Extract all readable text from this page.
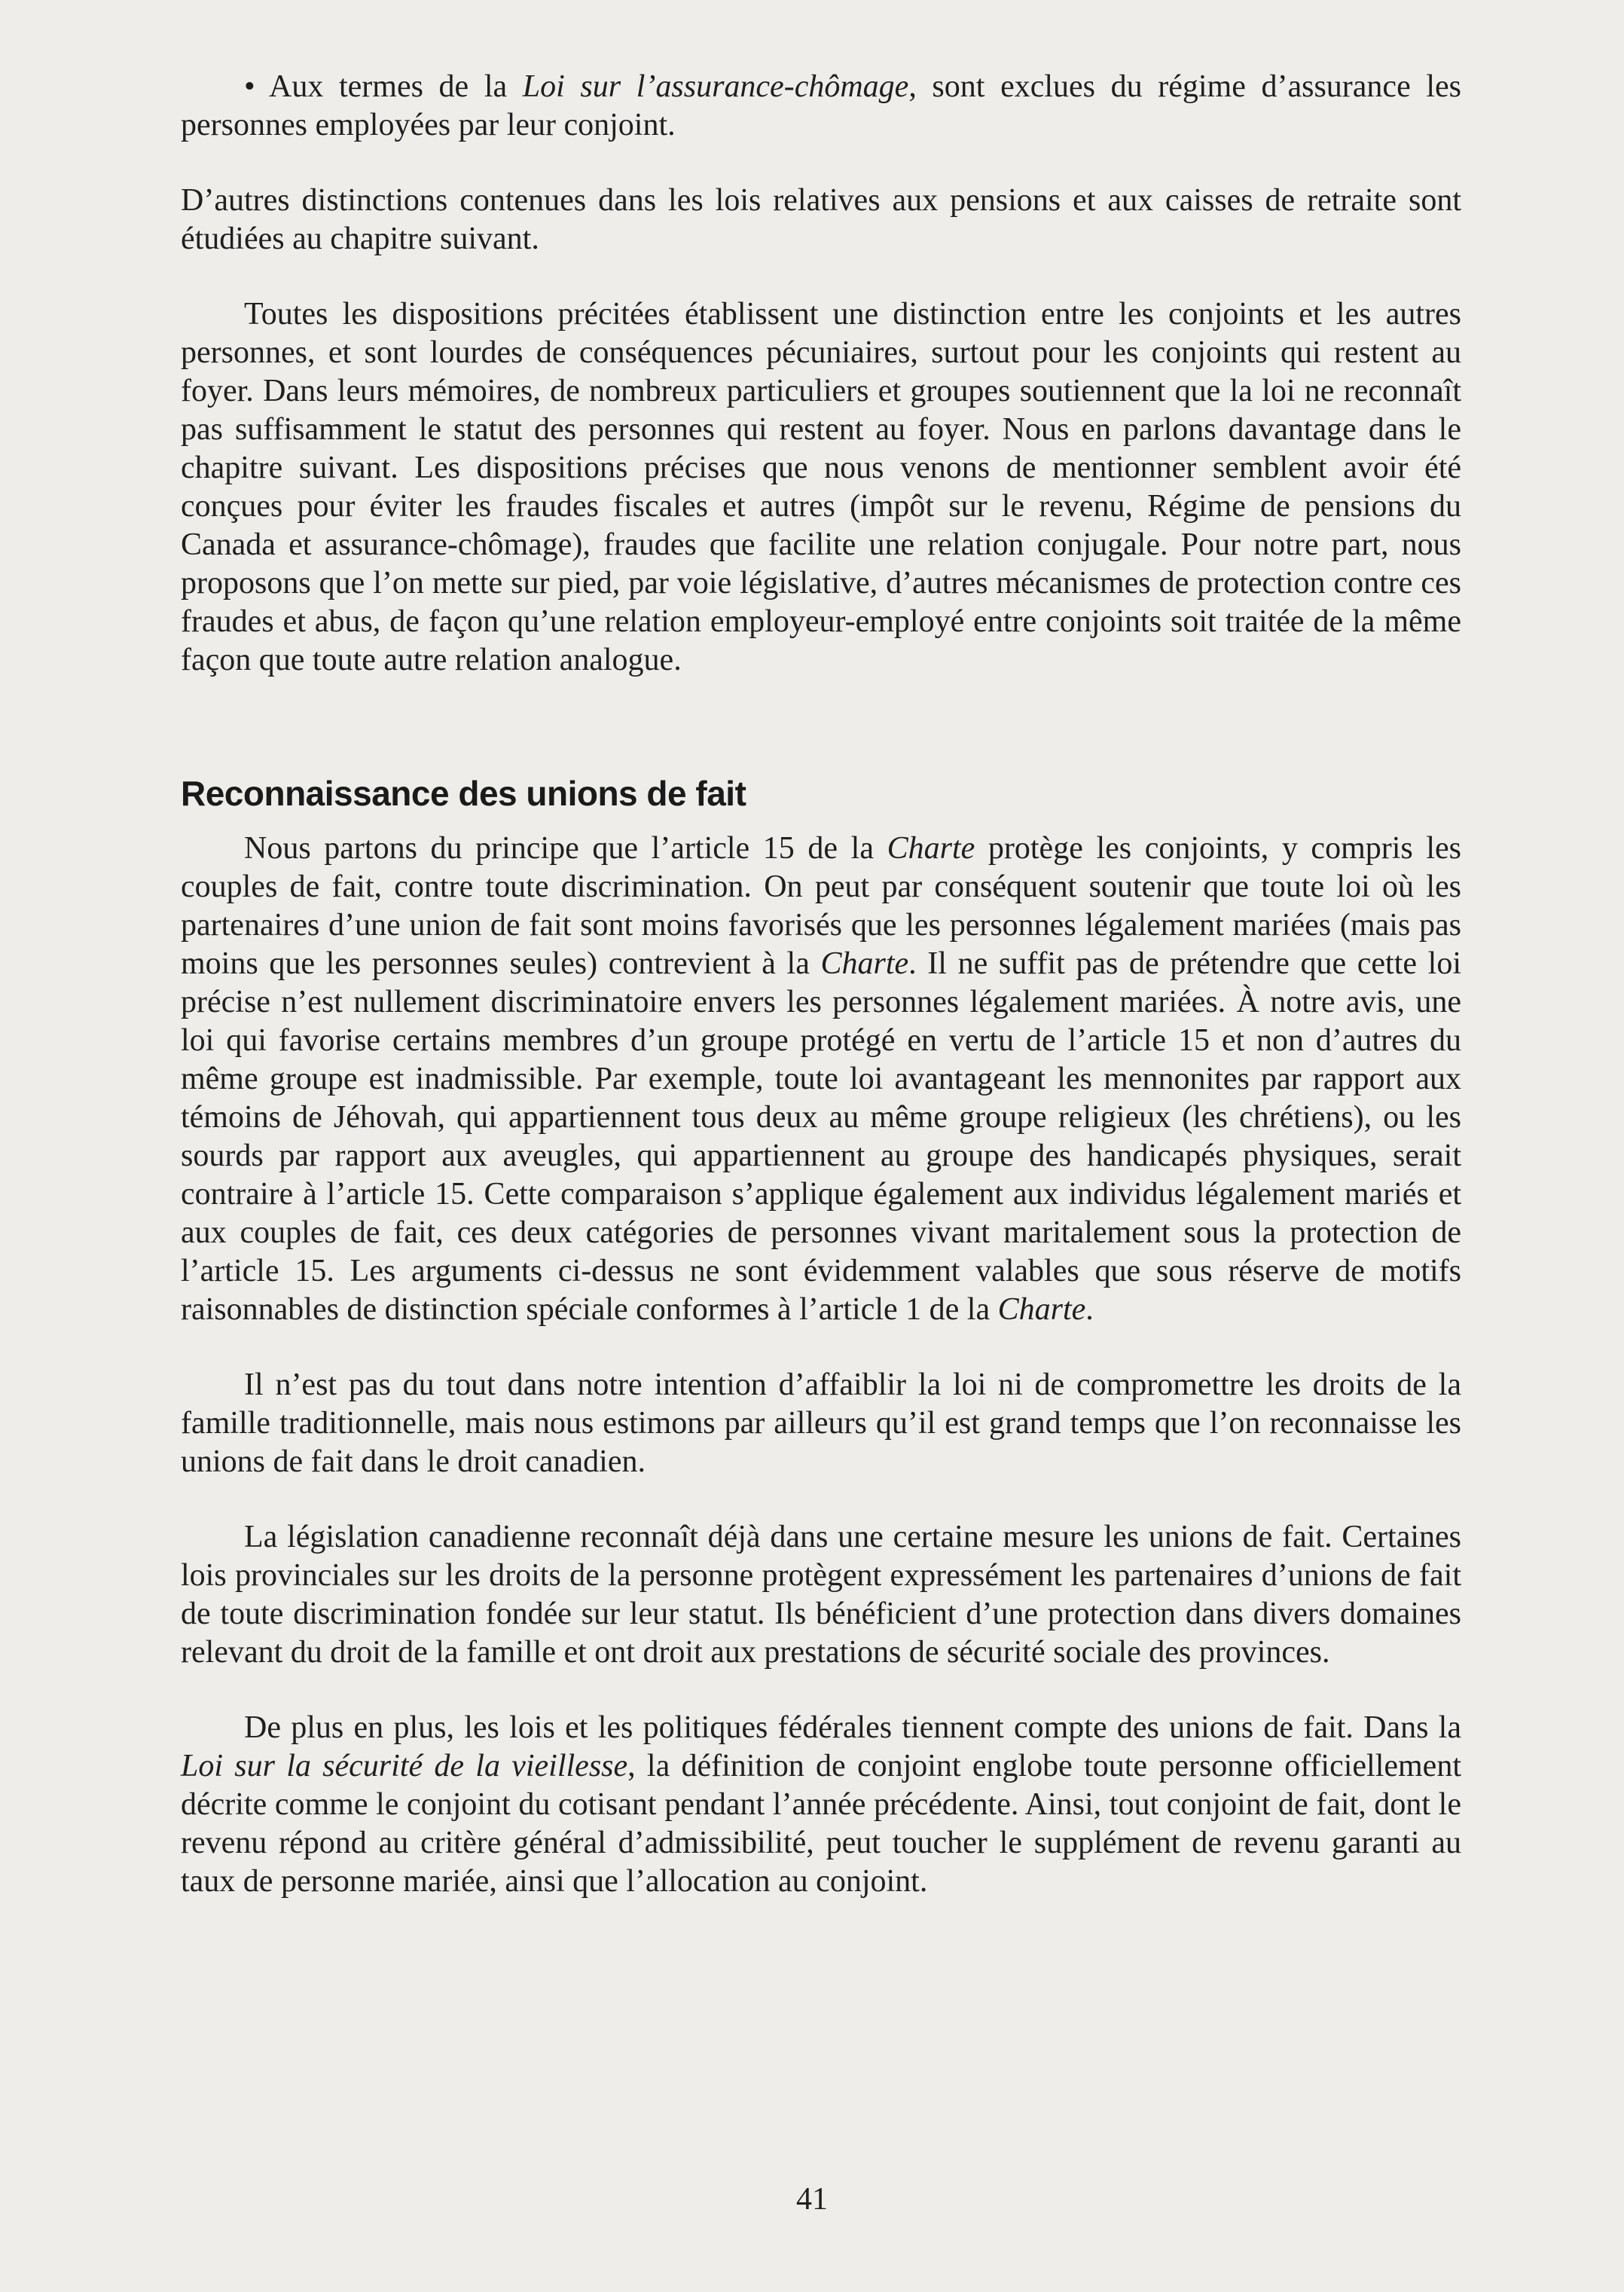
• Aux termes de la Loi sur l’assurance-chômage, sont exclues du régime d’assurance les personnes employées par leur conjoint.

D’autres distinctions contenues dans les lois relatives aux pensions et aux caisses de retraite sont étudiées au chapitre suivant.

Toutes les dispositions précitées établissent une distinction entre les conjoints et les autres personnes, et sont lourdes de conséquences pécuniaires, surtout pour les conjoints qui restent au foyer. Dans leurs mémoires, de nombreux particuliers et groupes soutiennent que la loi ne reconnaît pas suffisamment le statut des personnes qui restent au foyer. Nous en parlons davantage dans le chapitre suivant. Les dispositions précises que nous venons de mentionner semblent avoir été conçues pour éviter les fraudes fiscales et autres (impôt sur le revenu, Régime de pensions du Canada et assurance-chômage), fraudes que facilite une relation conjugale. Pour notre part, nous proposons que l’on mette sur pied, par voie législative, d’autres mécanismes de protection contre ces fraudes et abus, de façon qu’une relation employeur-employé entre conjoints soit traitée de la même façon que toute autre relation analogue.

Reconnaissance des unions de fait

Nous partons du principe que l’article 15 de la Charte protège les conjoints, y compris les couples de fait, contre toute discrimination. On peut par conséquent soutenir que toute loi où les partenaires d’une union de fait sont moins favorisés que les personnes légalement mariées (mais pas moins que les personnes seules) contrevient à la Charte. Il ne suffit pas de prétendre que cette loi précise n’est nullement discriminatoire envers les personnes légalement mariées. À notre avis, une loi qui favorise certains membres d’un groupe protégé en vertu de l’article 15 et non d’autres du même groupe est inadmissible. Par exemple, toute loi avantageant les mennonites par rapport aux témoins de Jéhovah, qui appartiennent tous deux au même groupe religieux (les chrétiens), ou les sourds par rapport aux aveugles, qui appartiennent au groupe des handicapés physiques, serait contraire à l’article 15. Cette comparaison s’applique également aux individus légalement mariés et aux couples de fait, ces deux catégories de personnes vivant maritalement sous la protection de l’article 15. Les arguments ci-dessus ne sont évidemment valables que sous réserve de motifs raisonnables de distinction spéciale conformes à l’article 1 de la Charte.

Il n’est pas du tout dans notre intention d’affaiblir la loi ni de compromettre les droits de la famille traditionnelle, mais nous estimons par ailleurs qu’il est grand temps que l’on reconnaisse les unions de fait dans le droit canadien.

La législation canadienne reconnaît déjà dans une certaine mesure les unions de fait. Certaines lois provinciales sur les droits de la personne protègent expressément les partenaires d’unions de fait de toute discrimination fondée sur leur statut. Ils bénéficient d’une protection dans divers domaines relevant du droit de la famille et ont droit aux prestations de sécurité sociale des provinces.

De plus en plus, les lois et les politiques fédérales tiennent compte des unions de fait. Dans la Loi sur la sécurité de la vieillesse, la définition de conjoint englobe toute personne officiellement décrite comme le conjoint du cotisant pendant l’année précédente. Ainsi, tout conjoint de fait, dont le revenu répond au critère général d’admissibilité, peut toucher le supplément de revenu garanti au taux de personne mariée, ainsi que l’allocation au conjoint.

41
